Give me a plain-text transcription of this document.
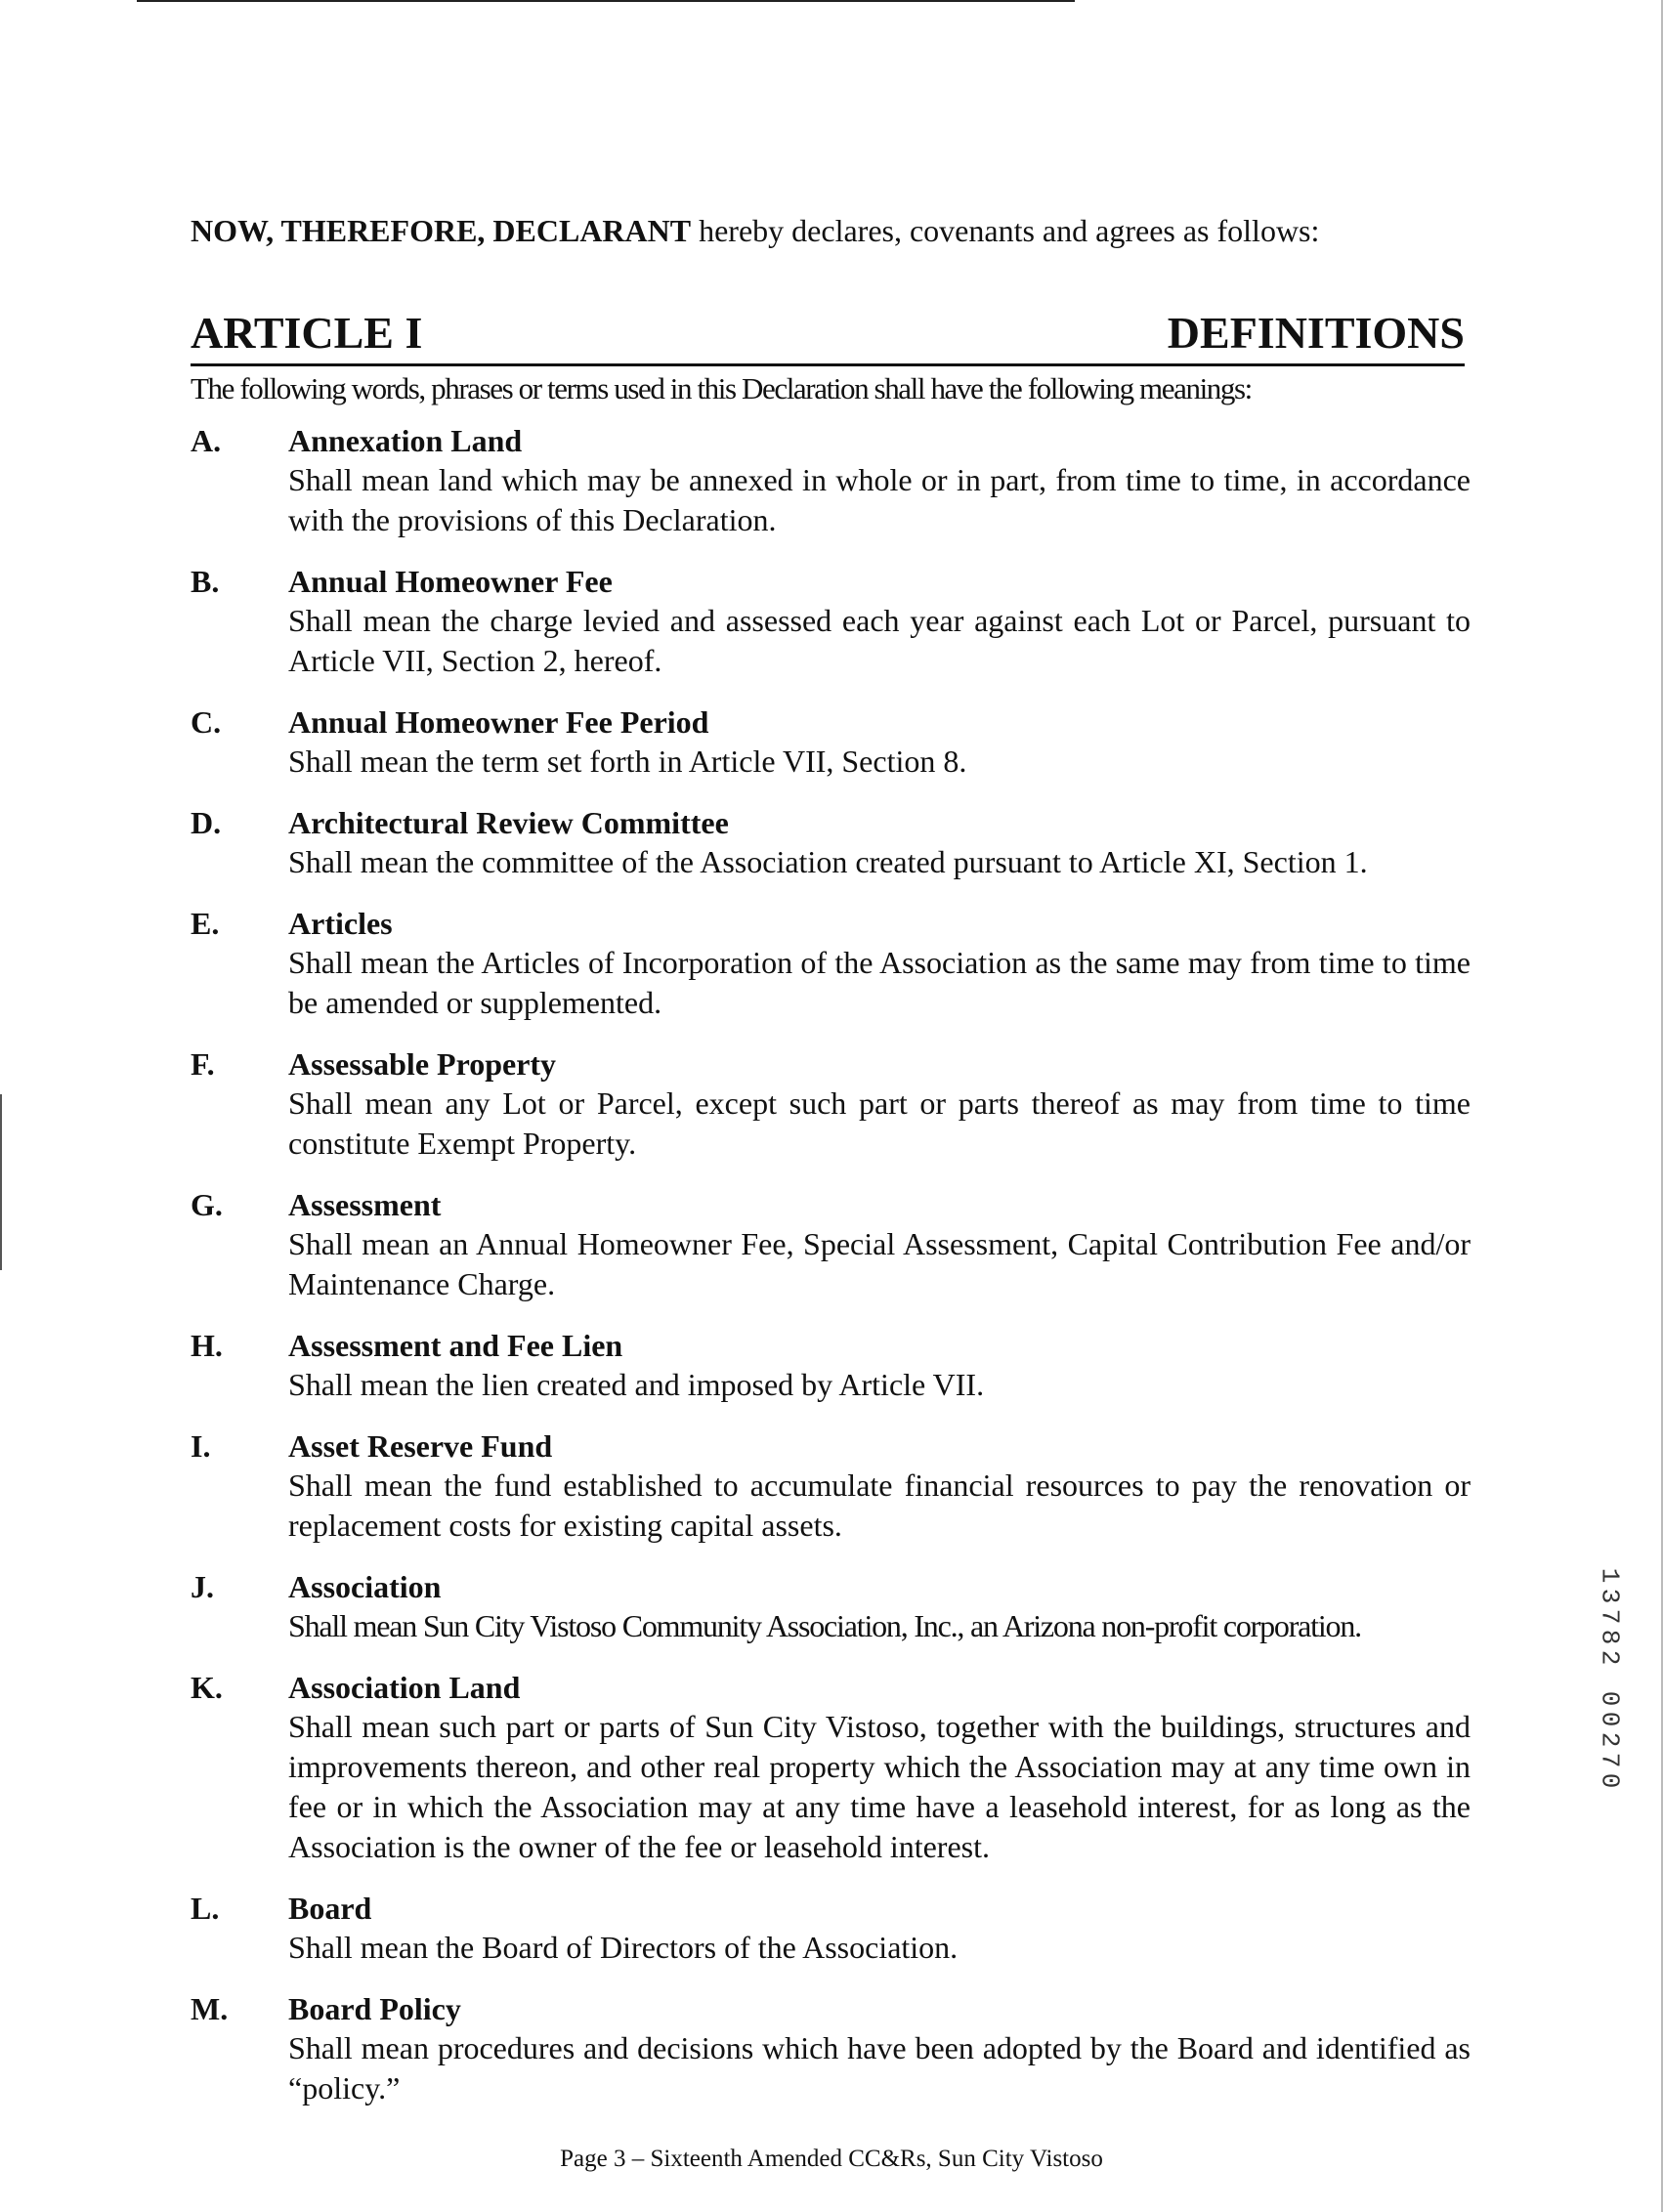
NOW, THEREFORE, DECLARANT hereby declares, covenants and agrees as follows:
ARTICLE I	DEFINITIONS
The following words, phrases or terms used in this Declaration shall have the following meanings:
A. Annexation Land
Shall mean land which may be annexed in whole or in part, from time to time, in accordance with the provisions of this Declaration.
B. Annual Homeowner Fee
Shall mean the charge levied and assessed each year against each Lot or Parcel, pursuant to Article VII, Section 2, hereof.
C. Annual Homeowner Fee Period
Shall mean the term set forth in Article VII, Section 8.
D. Architectural Review Committee
Shall mean the committee of the Association created pursuant to Article XI, Section 1.
E. Articles
Shall mean the Articles of Incorporation of the Association as the same may from time to time be amended or supplemented.
F. Assessable Property
Shall mean any Lot or Parcel, except such part or parts thereof as may from time to time constitute Exempt Property.
G. Assessment
Shall mean an Annual Homeowner Fee, Special Assessment, Capital Contribution Fee and/or Maintenance Charge.
H. Assessment and Fee Lien
Shall mean the lien created and imposed by Article VII.
I. Asset Reserve Fund
Shall mean the fund established to accumulate financial resources to pay the renovation or replacement costs for existing capital assets.
J. Association
Shall mean Sun City Vistoso Community Association, Inc., an Arizona non-profit corporation.
K. Association Land
Shall mean such part or parts of Sun City Vistoso, together with the buildings, structures and improvements thereon, and other real property which the Association may at any time own in fee or in which the Association may at any time have a leasehold interest, for as long as the Association is the owner of the fee or leasehold interest.
L. Board
Shall mean the Board of Directors of the Association.
M. Board Policy
Shall mean procedures and decisions which have been adopted by the Board and identified as “policy.”
1
3
7
8
2

0
0
2
7
0
Page 3 – Sixteenth Amended CC&Rs, Sun City Vistoso
